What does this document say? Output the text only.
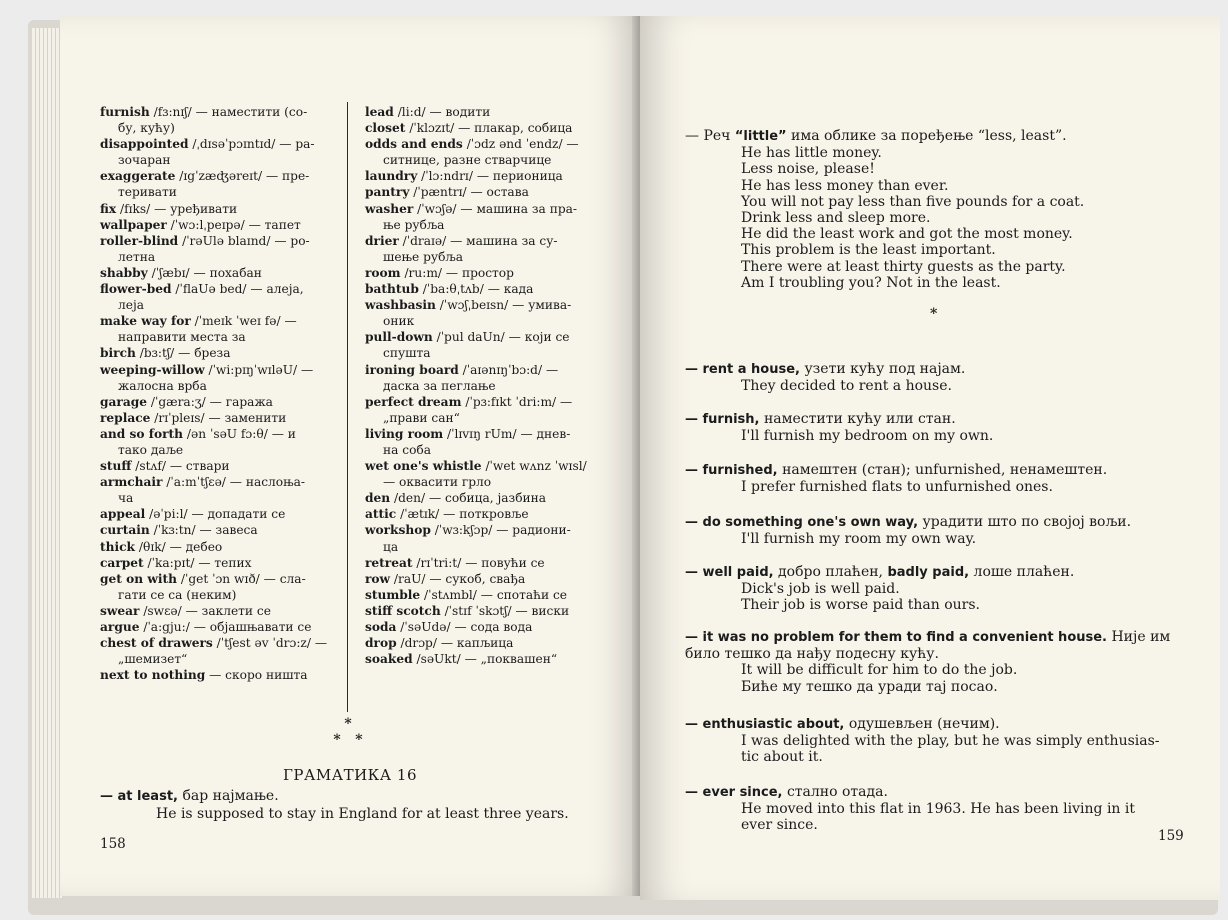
furnish /fɜ:nɪʃ/ — наместити (со-
бу, кућу)
disappointed /ˌdɪsəˈpɔɪntɪd/ — ра-
зочаран
exaggerate /ɪgˈzæʤəreɪt/ — пре-
теривати
fix /fɪks/ — уређивати
wallpaper /ˈwɔ:lˌpeɪpə/ — тапет
roller-blind /ˈrəUlə blaɪnd/ — ро-
летна
shabby /ˈʃæbɪ/ — похабан
flower-bed /ˈflaUə bed/ — алеја,
леја
make way for /ˈmeɪk ˈweɪ fə/ —
направити места за
birch /bɜ:tʃ/ — бреза
weeping-willow /ˈwi:pɪŋˈwɪləU/ —
жалосна врба
garage /ˈgæra:ʒ/ — гаража
replace /rɪˈpleɪs/ — заменити
and so forth /ən ˈsəU fɔ:θ/ — и
тако даље
stuff /stʌf/ — ствари
armchair /ˈa:mˈtʃεə/ — наслоња-
ча
appeal /əˈpi:l/ — допадати се
curtain /ˈkɜ:tn/ — завеса
thick /θɪk/ — дебео
carpet /ˈka:pɪt/ — тепих
get on with /ˈget ˈɔn wɪð/ — сла-
гати се са (неким)
swear /swεə/ — заклети се
argue /ˈa:gju:/ — објашњавати се
chest of drawers /ˈtʃest əv ˈdrɔ:z/ —
„шемизет“
next to nothing — скоро ништа
lead /li:d/ — водити
closet /ˈklɔzɪt/ — плакар, собица
odds and ends /ˈɔdz ənd ˈendz/ —
ситнице, разне стварчице
laundry /ˈlɔ:ndrɪ/ — перионица
pantry /ˈpæntrɪ/ — остава
washer /ˈwɔʃə/ — машина за пра-
ње рубља
drier /ˈdraɪə/ — машина за су-
шење рубља
room /ru:m/ — простор
bathtub /ˈba:θˌtʌb/ — када
washbasin /ˈwɔʃˌbeɪsn/ — умива-
оник
pull-down /ˈpul daUn/ — који се
спушта
ironing board /ˈaɪənɪŋˈbɔ:d/ —
даска за пеглање
perfect dream /ˈpɜ:fɪkt ˈdri:m/ —
„прави сан“
living room /ˈlɪvɪŋ rUm/ — днев-
на соба
wet one's whistle /ˈwet wʌnz ˈwɪsl/
— оквасити грло
den /den/ — собица, јазбина
attic /ˈætɪk/ — поткровље
workshop /ˈwɜ:kʃɔp/ — радиони-
ца
retreat /rɪˈtri:t/ — повући се
row /raU/ — сукоб, свађа
stumble /ˈstʌmbl/ — спотаћи се
stiff scotch /ˈstɪf ˈskɔtʃ/ — виски
soda /ˈsəUdə/ — сода вода
drop /drɔp/ — капљица
soaked /səUkt/ — „поквашен“
*
*   *
ГРАМАТИКА 16
— at least, бар најмање.
He is supposed to stay in England for at least three years.
158
— Реч “little” има облике за поређење “less, least”.
He has little money.
Less noise, please!
He has less money than ever.
You will not pay less than five pounds for a coat.
Drink less and sleep more.
He did the least work and got the most money.
This problem is the least important.
There were at least thirty guests as the party.
Am I troubling you? Not in the least.
*
— rent a house, узети кућу под најам.
They decided to rent a house.
— furnish, наместити кућу или стан.
I'll furnish my bedroom on my own.
— furnished, намештен (стан); unfurnished, ненамештен.
I prefer furnished flats to unfurnished ones.
— do something one's own way, урадити што по својој вољи.
I'll furnish my room my own way.
— well paid, добро плаћен, badly paid, лоше плаћен.
Dick's job is well paid.
Their job is worse paid than ours.
— it was no problem for them to find a convenient house. Није им било тешко да нађу подесну кућу.
It will be difficult for him to do the job.
Биће му тешко да уради тај посао.
— enthusiastic about, одушевљен (нечим).
I was delighted with the play, but he was simply enthusias-
tic about it.
— ever since, стално отада.
He moved into this flat in 1963. He has been living in it
ever since.
159
